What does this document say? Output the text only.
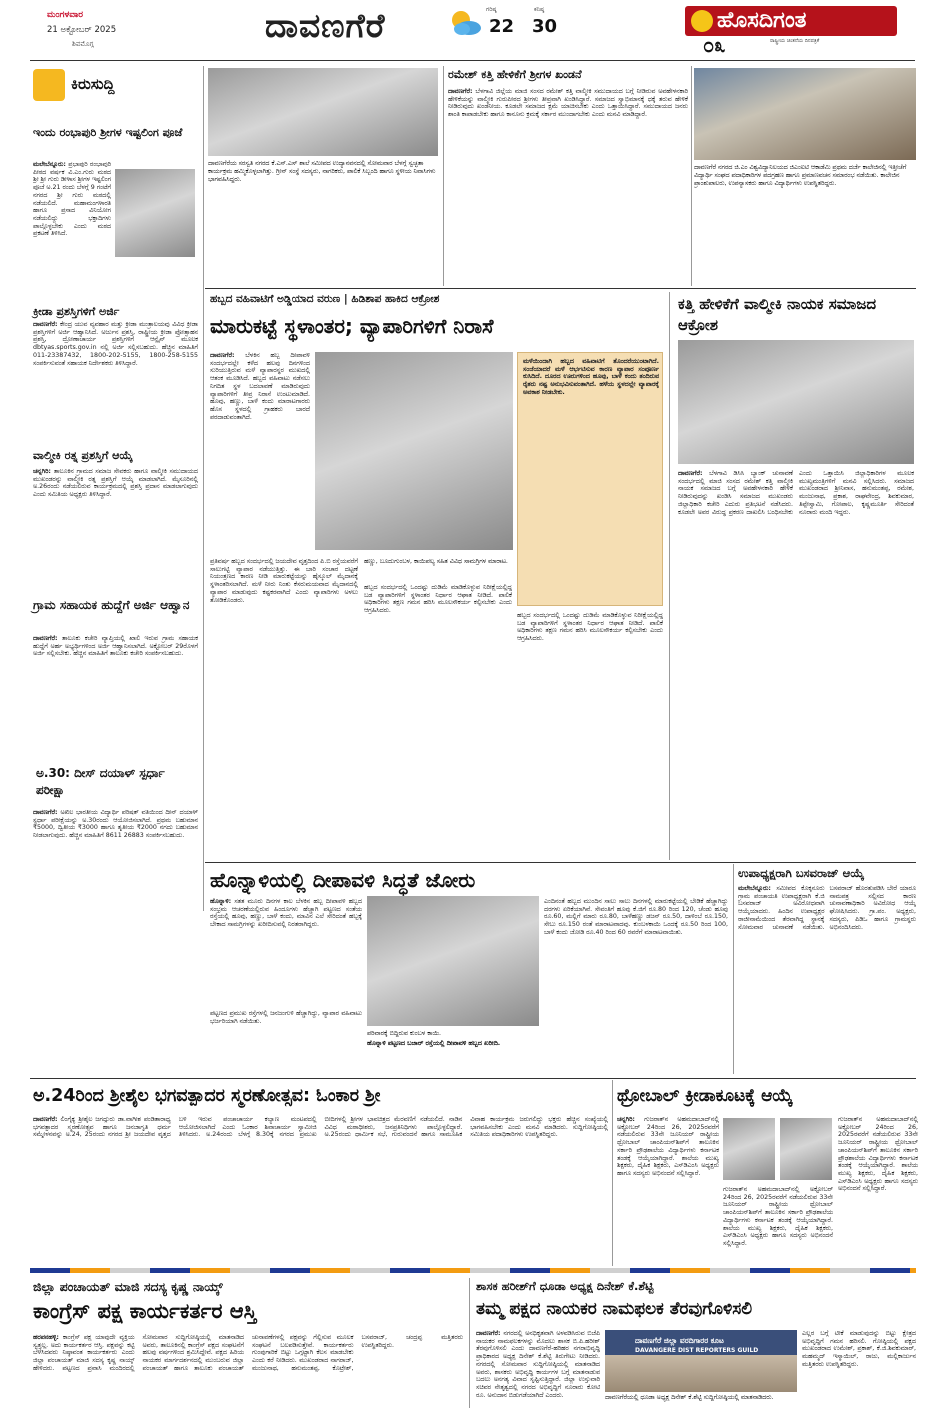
ಮಂಗಳವಾರ
21 ಅಕ್ಟೋಬರ್ 2025
ಶಿವಮೊಗ್ಗ	ದಾವಣಗೆರೆ	ಗರಿಷ್ಠ
22
ಕನಿಷ್ಠ
30	ಹೊಸದಿಗಂತ
ರಾಷ್ಟ್ರೀಯ ಚಿಂತನೆಯ ದಿನಪತ್ರಿಕೆ
೦೩
ಕಿರುಸುದ್ದಿ
ಇಂದು ರಂಭಾಪುರಿ ಶ್ರೀಗಳ ಇಷ್ಟಲಿಂಗ ಪೂಜೆ
ಮಲೇಬೆನ್ನೂರು: ಪ್ರಭಾಪುರಿ ರಂಭಾಪುರಿ ಪೀಠದ ವರ್ಷಕ ವಿ.ಎಂ.ಗುರು ಮಠದ ಶ್ರೀ ಶ್ರೀ ಗುರು ಡೀಳಾಸ ಶ್ರೀಗಳ ಇಷ್ಟಲಿಂಗ ಪೂಜೆ ಅ.21 ರಂದು ಬೆಳಗ್ಗೆ 9 ಗಂಟೆಗೆ ನಗರದ ಶ್ರೀ ಗುರು ಮಠದಲ್ಲಿ ನಡೆಯಲಿದೆ. ಮಹಾಮಂಗಳಾರತಿ ಹಾಗೂ ಪ್ರಸಾದ ವಿನಿಯೋಗ ನಡೆಯಲಿದ್ದು ಭಕ್ತಾದಿಗಳು ಪಾಲ್ಗೊಳ್ಳಬೇಕು ಎಂದು ಮಠದ ಪ್ರಕಟಣೆ ತಿಳಿಸಿದೆ.
ಕ್ರೀಡಾ ಪ್ರಶಸ್ತಿಗಳಿಗೆ ಅರ್ಜಿ
ದಾವಣಗೆರೆ: ಕೇಂದ್ರ ಯುವ ವ್ಯವಹಾರ ಮತ್ತು ಕ್ರೀಡಾ ಮಂತ್ರಾಲಯವು ವಿವಿಧ ಕ್ರೀಡಾ ಪ್ರಶಸ್ತಿಗಳಿಗೆ ಅರ್ಜಿ ಆಹ್ವಾನಿಸಿದೆ. ಅರ್ಜುನ ಪ್ರಶಸ್ತಿ, ರಾಷ್ಟ್ರೀಯ ಕ್ರೀಡಾ ಪ್ರೋತ್ಸಾಹನ ಪ್ರಶಸ್ತಿ, ದ್ರೋಣಾಚಾರ್ಯ ಪ್ರಶಸ್ತಿಗಳಿಗೆ ಆನ್ಲೈನ್ ಮೂಲಕ dbtyas.sports.gov.in ನಲ್ಲಿ ಅರ್ಜಿ ಸಲ್ಲಿಸಬಹುದು. ಹೆಚ್ಚಿನ ಮಾಹಿತಿಗೆ 011-23387432, 1800-202-5155, 1800-258-5155 ಸಂಪರ್ಕಿಸುವಂತೆ ಸಹಾಯಕ ನಿರ್ದೇಶಕರು ತಿಳಿಸಿದ್ದಾರೆ.
ವಾಲ್ಮೀಕಿ ರತ್ನ ಪ್ರಶಸ್ತಿಗೆ ಆಯ್ಕೆ
ಚನ್ನಗಿರಿ: ತಾಲೂಕಿನ ಗ್ರಾಮದ ಸಮಾಜ ಸೇವಕರು ಹಾಗೂ ವಾಲ್ಮೀಕಿ ಸಮುದಾಯದ ಮುಖಂಡರನ್ನು ವಾಲ್ಮೀಕಿ ರತ್ನ ಪ್ರಶಸ್ತಿಗೆ ಆಯ್ಕೆ ಮಾಡಲಾಗಿದೆ. ಮೈಸೂರಿನಲ್ಲಿ ಅ.26ರಂದು ನಡೆಯಲಿರುವ ಕಾರ್ಯಕ್ರಮದಲ್ಲಿ ಪ್ರಶಸ್ತಿ ಪ್ರದಾನ ಮಾಡಲಾಗುವುದು ಎಂದು ಸಮಿತಿಯ ಅಧ್ಯಕ್ಷರು ತಿಳಿಸಿದ್ದಾರೆ.
ಗ್ರಾಮ ಸಹಾಯಕ ಹುದ್ದೆಗೆ ಅರ್ಜಿ ಆಹ್ವಾನ
ದಾವಣಗೆರೆ: ತಾಲೂಕು ಕಚೇರಿ ವ್ಯಾಪ್ತಿಯಲ್ಲಿ ಖಾಲಿ ಇರುವ ಗ್ರಾಮ ಸಹಾಯಕ ಹುದ್ದೆಗೆ ಅರ್ಹ ಅಭ್ಯರ್ಥಿಗಳಿಂದ ಅರ್ಜಿ ಆಹ್ವಾನಿಸಲಾಗಿದೆ. ಅಕ್ಟೋಬರ್ 29ರೊಳಗೆ ಅರ್ಜಿ ಸಲ್ಲಿಸಬೇಕು. ಹೆಚ್ಚಿನ ಮಾಹಿತಿಗೆ ತಾಲೂಕು ಕಚೇರಿ ಸಂಪರ್ಕಿಸಬಹುದು.
ಅ.30: ದೀಸ್ ದಯಾಳ್ ಸ್ಪರ್ಧಾ ಪರೀಕ್ಷಾ
ದಾವಣಗೆರೆ: ಅಖಿಲ ಭಾರತೀಯ ವಿದ್ಯಾರ್ಥಿ ಪರಿಷತ್ ವತಿಯಿಂದ ದೀನ್ ದಯಾಳ್ ಸ್ಪರ್ಧಾ ಪರೀಕ್ಷೆಯನ್ನು ಅ.30ರಂದು ಆಯೋಜಿಸಲಾಗಿದೆ. ಪ್ರಥಮ ಬಹುಮಾನ ₹5000, ದ್ವಿತೀಯ ₹3000 ಹಾಗೂ ತೃತೀಯ ₹2000 ನಗದು ಬಹುಮಾನ ನೀಡಲಾಗುವುದು. ಹೆಚ್ಚಿನ ಮಾಹಿತಿಗೆ 8611 26883 ಸಂಪರ್ಕಿಸಬಹುದು.
ದಾವಣಗೆರೆಯ ಸರಸ್ವತಿ ನಗರದ ಕೆ.ಎಸ್.ಎಸ್ ಶಾಲೆ ಸಮೀಪದ ಉದ್ಯಾನವನದಲ್ಲಿ ಸೋಮವಾರ ಬೆಳಗ್ಗೆ ಸ್ವಚ್ಛತಾ ಕಾರ್ಯಕ್ರಮ ಹಮ್ಮಿಕೊಳ್ಳಲಾಗಿತ್ತು. ಗ್ರೀನ್ ಸಂಸ್ಥೆ ಸದಸ್ಯರು, ನಾಗರಿಕರು, ಪಾಲಿಕೆ ಸಿಬ್ಬಂದಿ ಹಾಗೂ ಸ್ಥಳೀಯ ನಿವಾಸಿಗಳು ಭಾಗವಹಿಸಿದ್ದರು.
ರಮೇಶ್ ಕತ್ತಿ ಹೇಳಿಕೆಗೆ ಶ್ರೀಗಳ ಖಂಡನೆ
ದಾವಣಗೆರೆ: ಬೆಳಗಾವಿ ಜಿಲ್ಲೆಯ ಮಾಜಿ ಸಂಸದ ರಮೇಶ್ ಕತ್ತಿ ವಾಲ್ಮೀಕಿ ಸಮುದಾಯದ ಬಗ್ಗೆ ನೀಡಿರುವ ಅವಹೇಳನಕಾರಿ ಹೇಳಿಕೆಯನ್ನು ವಾಲ್ಮೀಕಿ ಗುರುಪೀಠದ ಶ್ರೀಗಳು ತೀವ್ರವಾಗಿ ಖಂಡಿಸಿದ್ದಾರೆ. ಸಮಾಜದ ಸ್ವಾಭಿಮಾನಕ್ಕೆ ಧಕ್ಕೆ ತರುವ ಹೇಳಿಕೆ ನೀಡಿರುವುದು ಖಂಡನೀಯ. ಕೂಡಲೇ ಸಮಾಜದ ಕ್ಷಮೆ ಯಾಚಿಸಬೇಕು ಎಂದು ಒತ್ತಾಯಿಸಿದ್ದಾರೆ. ಸಮುದಾಯದ ಜನರು ಶಾಂತಿ ಕಾಪಾಡಬೇಕು ಹಾಗೂ ಕಾನೂನು ಕ್ರಮಕ್ಕೆ ಸರ್ಕಾರ ಮುಂದಾಗಬೇಕು ಎಂದು ಮನವಿ ಮಾಡಿದ್ದಾರೆ.
ದಾವಣಗೆರೆ ನಗರದ ಜಿ.ಎಂ ವಿಶ್ವವಿದ್ಯಾನಿಲಯದ ಜಿಎಂಐಟಿ ಆಕಾಡೆಮಿ ಪ್ರಥಮ ದರ್ಜೆ ಕಾಲೇಜಿನಲ್ಲಿ ಇತ್ತೀಚೆಗೆ ವಿದ್ಯಾರ್ಥಿ ಸಂಘದ ಪದಾಧಿಕಾರಿಗಳ ಪದಗ್ರಹಣ ಹಾಗೂ ಪ್ರಮಾಣವಚನ ಸಮಾರಂಭ ನಡೆಯಿತು. ಕಾಲೇಜಿನ ಪ್ರಾಂಶುಪಾಲರು, ಉಪನ್ಯಾಸಕರು ಹಾಗೂ ವಿದ್ಯಾರ್ಥಿಗಳು ಉಪಸ್ಥಿತರಿದ್ದರು.
ಹಬ್ಬದ ವಹಿವಾಟಿಗೆ ಅಡ್ಡಿಯಾದ ವರುಣ | ಹಿಡಿಶಾಪ ಹಾಕಿದ ಆಕ್ರೋಶ
ಮಾರುಕಟ್ಟೆ ಸ್ಥಳಾಂತರ; ವ್ಯಾಪಾರಿಗಳಿಗೆ ನಿರಾಸೆ
ದಾವಣಗೆರೆ: ಬೆಳಕಿನ ಹಬ್ಬ ದೀಪಾವಳಿ ಸಂದರ್ಭದಲ್ಲೇ ಕಳೆದ ಹಲವು ದಿನಗಳಿಂದ ಸುರಿಯುತ್ತಿರುವ ಮಳೆ ವ್ಯಾಪಾರಸ್ಥರ ಮುಖದಲ್ಲಿ ಆತಂಕ ಮೂಡಿಸಿದೆ. ಹಬ್ಬದ ವಹಿವಾಟು ನಡೆಸಲು ನಿಗದಿತ ಸ್ಥಳ ಬದಲಾವಣೆ ಮಾಡಿರುವುದು ವ್ಯಾಪಾರಿಗಳಿಗೆ ತೀವ್ರ ನಿರಾಸೆ ಉಂಟುಮಾಡಿದೆ. ಹೂವು, ಹಣ್ಣು, ಬಾಳೆ ಕಂದು ಮಾರಾಟಗಾರರು ಹೊಸ ಸ್ಥಳದಲ್ಲಿ ಗ್ರಾಹಕರು ಬಾರದೆ ಪರದಾಡುವಂತಾಗಿದೆ.
ಪ್ರತಿವರ್ಷ ಹಬ್ಬದ ಸಂದರ್ಭದಲ್ಲಿ ಜಯದೇವ ವೃತ್ತದಿಂದ ಪಿ.ಬಿ ರಸ್ತೆಯವರೆಗೆ ಸಾಲುಗಟ್ಟಿ ವ್ಯಾಪಾರ ನಡೆಯುತ್ತಿತ್ತು. ಈ ಬಾರಿ ಸಂಚಾರ ದಟ್ಟಣೆ ನಿಯಂತ್ರಣದ ಕಾರಣ ನೀಡಿ ಮಾರುಕಟ್ಟೆಯನ್ನು ಹೈಸ್ಕೂಲ್ ಮೈದಾನಕ್ಕೆ ಸ್ಥಳಾಂತರಿಸಲಾಗಿದೆ. ಮಳೆ ನೀರು ನಿಂತು ಕೆಸರುಮಯವಾದ ಮೈದಾನದಲ್ಲಿ ವ್ಯಾಪಾರ ಮಾಡುವುದು ಕಷ್ಟಕರವಾಗಿದೆ ಎಂದು ವ್ಯಾಪಾರಿಗಳು ಅಳಲು ತೋಡಿಕೊಂಡರು.
ಹಣ್ಣು, ಬೂದುಗುಂಬಳ, ಕಾಯಿಪಲ್ಯ ಸಹಿತ ವಿವಿಧ ಸಾಮಗ್ರಿಗಳ ಮಾರಾಟ.
ಹಬ್ಬದ ಸಂದರ್ಭದಲ್ಲಿ ಒಂದಷ್ಟು ದುಡಿಮೆ ಮಾಡಿಕೊಳ್ಳುವ ನಿರೀಕ್ಷೆಯಲ್ಲಿದ್ದ ಬಡ ವ್ಯಾಪಾರಿಗಳಿಗೆ ಸ್ಥಳಾಂತರ ನಿರ್ಧಾರ ಆಘಾತ ನೀಡಿದೆ. ಪಾಲಿಕೆ ಅಧಿಕಾರಿಗಳು ತಕ್ಷಣ ಗಮನ ಹರಿಸಿ ಮೂಲಸೌಕರ್ಯ ಕಲ್ಪಿಸಬೇಕು ಎಂದು ಆಗ್ರಹಿಸಿದರು.
ಮಳೆಯಿಂದಾಗಿ ಹಬ್ಬದ ವಹಿವಾಟಿಗೆ ತೊಂದರೆಯುಂಟಾಗಿದೆ. ಸಂಜೆಯಾದರೆ ಮಳೆ ಆರ್ಭಟಿಸುವ ಕಾರಣ ವ್ಯಾಪಾರ ಸಂಪೂರ್ಣ ಕುಸಿದಿದೆ. ದೂರದ ಊರುಗಳಿಂದ ಹೂವು, ಬಾಳೆ ಕಂದು ತಂದಿರುವ ರೈತರು ನಷ್ಟ ಅನುಭವಿಸುವಂತಾಗಿದೆ. ಹಳೆಯ ಸ್ಥಳದಲ್ಲೇ ವ್ಯಾಪಾರಕ್ಕೆ ಅವಕಾಶ ನೀಡಬೇಕು.
ಹಬ್ಬದ ಸಂದರ್ಭದಲ್ಲಿ ಒಂದಷ್ಟು ದುಡಿಮೆ ಮಾಡಿಕೊಳ್ಳುವ ನಿರೀಕ್ಷೆಯಲ್ಲಿದ್ದ ಬಡ ವ್ಯಾಪಾರಿಗಳಿಗೆ ಸ್ಥಳಾಂತರ ನಿರ್ಧಾರ ಆಘಾತ ನೀಡಿದೆ. ಪಾಲಿಕೆ ಅಧಿಕಾರಿಗಳು ತಕ್ಷಣ ಗಮನ ಹರಿಸಿ ಮೂಲಸೌಕರ್ಯ ಕಲ್ಪಿಸಬೇಕು ಎಂದು ಆಗ್ರಹಿಸಿದರು.
ಕತ್ತಿ ಹೇಳಿಕೆಗೆ ವಾಲ್ಮೀಕಿ ನಾಯಕ ಸಮಾಜದ ಆಕ್ರೋಶ
ದಾವಣಗೆರೆ: ಬೆಳಗಾವಿ ಡಿಸಿಸಿ ಬ್ಯಾಂಕ್ ಚುನಾವಣೆ ಸಂದರ್ಭದಲ್ಲಿ ಮಾಜಿ ಸಂಸದ ರಮೇಶ್ ಕತ್ತಿ ವಾಲ್ಮೀಕಿ ನಾಯಕ ಸಮಾಜದ ಬಗ್ಗೆ ಅವಹೇಳನಕಾರಿ ಹೇಳಿಕೆ ನೀಡಿರುವುದನ್ನು ಖಂಡಿಸಿ ಸಮಾಜದ ಮುಖಂಡರು ಜಿಲ್ಲಾಧಿಕಾರಿ ಕಚೇರಿ ಎದುರು ಪ್ರತಿಭಟನೆ ನಡೆಸಿದರು. ಕೂಡಲೇ ಅವರ ವಿರುದ್ಧ ಪ್ರಕರಣ ದಾಖಲಿಸಿ ಬಂಧಿಸಬೇಕು ಎಂದು ಒತ್ತಾಯಿಸಿ ಜಿಲ್ಲಾಧಿಕಾರಿಗಳ ಮೂಲಕ ಮುಖ್ಯಮಂತ್ರಿಗಳಿಗೆ ಮನವಿ ಸಲ್ಲಿಸಿದರು. ಸಮಾಜದ ಮುಖಂಡರಾದ ಶ್ರೀನಿವಾಸ, ಹನುಮಂತಪ್ಪ, ರಮೇಶ, ಮಂಜುನಾಥ, ಪ್ರಕಾಶ, ರಾಘವೇಂದ್ರ, ಶಿವಕುಮಾರ, ತಿಪ್ಪೇಸ್ವಾಮಿ, ಗೋಪಾಲ, ಕೃಷ್ಣಮೂರ್ತಿ ಸೇರಿದಂತೆ ನೂರಾರು ಮಂದಿ ಇದ್ದರು.
ಹೊನ್ನಾಳಿಯಲ್ಲಿ ದೀಪಾವಳಿ ಸಿದ್ಧತೆ ಜೋರು
ಹೊನ್ನಾಳಿ: ಸತತ ಮೂರು ದಿನಗಳ ಕಾಲ ಬೆಳಕಿನ ಹಬ್ಬ ದೀಪಾವಳಿ ಹಬ್ಬದ ಸಂಭ್ರಮ ಆಚರಣೆಯಲ್ಲಿರುವ ಹಿಂದೂಗಳು ಹೆಚ್ಚಾಗಿ ಪಟ್ಟಣದ ಸಂತೆಯ ರಸ್ತೆಯಲ್ಲಿ ಹೂವು, ಹಣ್ಣು, ಬಾಳೆ ಕಂದು, ಮಾವಿನ ಎಲೆ ಸೇರಿದಂತೆ ಹಬ್ಬಕ್ಕೆ ಬೇಕಾದ ಸಾಮಗ್ರಿಗಳನ್ನು ಖರೀದಿಸುವಲ್ಲಿ ನಿರತರಾಗಿದ್ದರು.
ಪಟ್ಟಣದ ಪ್ರಮುಖ ರಸ್ತೆಗಳಲ್ಲಿ ಜನಜಂಗುಳಿ ಹೆಚ್ಚಾಗಿದ್ದು, ವ್ಯಾಪಾರ ವಹಿವಾಟು ಭರ್ಜರಿಯಾಗಿ ನಡೆಯಿತು.
ಪರಿವಾರಕ್ಕೆ ಬಿದ್ದಿರುವ ಕುಂಬಳ ಕಾಯಿ.
ಹೊನ್ನಾಳಿ ಪಟ್ಟಣದ ಬಜಾರ್ ರಸ್ತೆಯಲ್ಲಿ ದೀಪಾವಳಿ ಹಬ್ಬದ ಖರೀದಿ.
ಎಂದಿನಂತೆ ಹಬ್ಬದ ಮುಂದಿನ ಸಾಲು ಸಾಲು ದಿನಗಳಲ್ಲಿ ಮಾರುಕಟ್ಟೆಯಲ್ಲಿ ಬೇಡಿಕೆ ಹೆಚ್ಚಾಗಿದ್ದು ದರಗಳು ಏರಿಕೆಯಾಗಿವೆ. ಸೇವಂತಿಗೆ ಹೂವು ಕೆ.ಜಿಗೆ ರೂ.80 ರಿಂದ 120, ಚೆಂಡು ಹೂವು ರೂ.60, ಮಲ್ಲಿಗೆ ಮಾರು ರೂ.80, ಬಾಳೆಹಣ್ಣು ಡಜನ್ ರೂ.50, ದಾಳಿಂಬೆ ರೂ.150, ಸೇಬು ರೂ.150 ರಂತೆ ಮಾರಾಟವಾದವು. ಕುಂಬಳಕಾಯಿ ಒಂದಕ್ಕೆ ರೂ.50 ರಿಂದ 100, ಬಾಳೆ ಕಂದು ಜೋಡಿ ರೂ.40 ರಿಂದ 60 ರವರೆಗೆ ಮಾರಾಟವಾಯಿತು.
ಉಪಾಧ್ಯಕ್ಷರಾಗಿ ಬಸವರಾಜ್ ಆಯ್ಕೆ
ಮಲೇಬೆನ್ನೂರು: ಸಮೀಪದ ಕೊಕ್ಕನೂರು ಗ್ರಾಮ ಪಂಚಾಯತಿ ಉಪಾಧ್ಯಕ್ಷರಾಗಿ ಕೆ.ಜಿ ಬಸವರಾಜ್ ಅವಿರೋಧವಾಗಿ ಆಯ್ಕೆಯಾದರು. ಹಿಂದಿನ ಉಪಾಧ್ಯಕ್ಷರ ರಾಜೀನಾಮೆಯಿಂದ ತೆರವಾಗಿದ್ದ ಸ್ಥಾನಕ್ಕೆ ಸೋಮವಾರ ಚುನಾವಣೆ ನಡೆಯಿತು. ಬಸವರಾಜ್ ಹೊರತುಪಡಿಸಿ ಬೇರೆ ಯಾರೂ ನಾಮಪತ್ರ ಸಲ್ಲಿಸದ ಕಾರಣ ಚುನಾವಣಾಧಿಕಾರಿ ಅವಿರೋಧ ಆಯ್ಕೆ ಘೋಷಿಸಿದರು. ಗ್ರಾ.ಪಂ. ಅಧ್ಯಕ್ಷರು, ಸದಸ್ಯರು, ಪಿಡಿಒ ಹಾಗೂ ಗ್ರಾಮಸ್ಥರು ಅಭಿನಂದಿಸಿದರು.
ಅ.24ರಿಂದ ಶ್ರೀಶೈಲ ಭಗವತ್ಪಾದರ ಸ್ಮರಣೋತ್ಸವ: ಓಂಕಾರ ಶ್ರೀ
ದಾವಣಗೆರೆ: ಲಿಂಗೈಕ್ಯ ಶ್ರೀಶೈಲ ಜಗದ್ಗುರು ಡಾ.ವಾಗೀಶ ಪಂಡಿತಾರಾಧ್ಯ ಭಗವತ್ಪಾದರ ಸ್ಮರಣೋತ್ಸವ ಹಾಗೂ ಜನಜಾಗೃತಿ ಧರ್ಮ ಸಮ್ಮೇಳನವನ್ನು ಅ.24, 25ರಂದು ನಗರದ ಶ್ರೀ ಜಯದೇವ ವೃತ್ತದ ಬಳಿ ಇರುವ ಪಂಚಾಚಾರ್ಯ ಕಲ್ಯಾಣ ಮಂಟಪದಲ್ಲಿ ಆಯೋಜಿಸಲಾಗಿದೆ ಎಂದು ಓಂಕಾರ ಶಿವಾಚಾರ್ಯ ಸ್ವಾಮೀಜಿ ತಿಳಿಸಿದರು. ಅ.24ರಂದು ಬೆಳಗ್ಗೆ 8.30ಕ್ಕೆ ನಗರದ ಪ್ರಮುಖ ಬೀದಿಗಳಲ್ಲಿ ಶ್ರೀಗಳ ಭಾವಚಿತ್ರದ ಮೆರವಣಿಗೆ ನಡೆಯಲಿದೆ. ನಾಡಿನ ವಿವಿಧ ಮಠಾಧೀಶರು, ಜನಪ್ರತಿನಿಧಿಗಳು ಪಾಲ್ಗೊಳ್ಳಲಿದ್ದಾರೆ. ಅ.25ರಂದು ಧಾರ್ಮಿಕ ಸಭೆ, ಗುರುವಂದನೆ ಹಾಗೂ ಸಾಮೂಹಿಕ ವಿವಾಹ ಕಾರ್ಯಕ್ರಮ ಜರುಗಲಿದ್ದು ಭಕ್ತರು ಹೆಚ್ಚಿನ ಸಂಖ್ಯೆಯಲ್ಲಿ ಭಾಗವಹಿಸಬೇಕು ಎಂದು ಮನವಿ ಮಾಡಿದರು. ಸುದ್ದಿಗೋಷ್ಠಿಯಲ್ಲಿ ಸಮಿತಿಯ ಪದಾಧಿಕಾರಿಗಳು ಉಪಸ್ಥಿತರಿದ್ದರು.
ಥ್ರೋಬಾಲ್ ಕ್ರೀಡಾಕೂಟಕ್ಕೆ ಆಯ್ಕೆ
ಚನ್ನಗಿರಿ: ಗುಜರಾತ್‌ನ ಅಹಮದಾಬಾದ್‌ನಲ್ಲಿ ಅಕ್ಟೋಬರ್ 24ರಿಂದ 26, 2025ರವರೆಗೆ ನಡೆಯಲಿರುವ 33ನೇ ಜೂನಿಯರ್ ರಾಷ್ಟ್ರೀಯ ಥ್ರೋಬಾಲ್ ಚಾಂಪಿಯನ್‌ಶಿಪ್‌ಗೆ ತಾಲೂಕಿನ ಸರ್ಕಾರಿ ಪ್ರೌಢಶಾಲೆಯ ವಿದ್ಯಾರ್ಥಿಗಳು ಕರ್ನಾಟಕ ತಂಡಕ್ಕೆ ಆಯ್ಕೆಯಾಗಿದ್ದಾರೆ. ಶಾಲೆಯ ಮುಖ್ಯ ಶಿಕ್ಷಕರು, ದೈಹಿಕ ಶಿಕ್ಷಕರು, ಎಸ್‌ಡಿಎಂಸಿ ಅಧ್ಯಕ್ಷರು ಹಾಗೂ ಸದಸ್ಯರು ಅಭಿನಂದನೆ ಸಲ್ಲಿಸಿದ್ದಾರೆ.
ಗುಜರಾತ್‌ನ ಅಹಮದಾಬಾದ್‌ನಲ್ಲಿ ಅಕ್ಟೋಬರ್ 24ರಿಂದ 26, 2025ರವರೆಗೆ ನಡೆಯಲಿರುವ 33ನೇ ಜೂನಿಯರ್ ರಾಷ್ಟ್ರೀಯ ಥ್ರೋಬಾಲ್ ಚಾಂಪಿಯನ್‌ಶಿಪ್‌ಗೆ ತಾಲೂಕಿನ ಸರ್ಕಾರಿ ಪ್ರೌಢಶಾಲೆಯ ವಿದ್ಯಾರ್ಥಿಗಳು ಕರ್ನಾಟಕ ತಂಡಕ್ಕೆ ಆಯ್ಕೆಯಾಗಿದ್ದಾರೆ. ಶಾಲೆಯ ಮುಖ್ಯ ಶಿಕ್ಷಕರು, ದೈಹಿಕ ಶಿಕ್ಷಕರು, ಎಸ್‌ಡಿಎಂಸಿ ಅಧ್ಯಕ್ಷರು ಹಾಗೂ ಸದಸ್ಯರು ಅಭಿನಂದನೆ ಸಲ್ಲಿಸಿದ್ದಾರೆ.
ಗುಜರಾತ್‌ನ ಅಹಮದಾಬಾದ್‌ನಲ್ಲಿ ಅಕ್ಟೋಬರ್ 24ರಿಂದ 26, 2025ರವರೆಗೆ ನಡೆಯಲಿರುವ 33ನೇ ಜೂನಿಯರ್ ರಾಷ್ಟ್ರೀಯ ಥ್ರೋಬಾಲ್ ಚಾಂಪಿಯನ್‌ಶಿಪ್‌ಗೆ ತಾಲೂಕಿನ ಸರ್ಕಾರಿ ಪ್ರೌಢಶಾಲೆಯ ವಿದ್ಯಾರ್ಥಿಗಳು ಕರ್ನಾಟಕ ತಂಡಕ್ಕೆ ಆಯ್ಕೆಯಾಗಿದ್ದಾರೆ. ಶಾಲೆಯ ಮುಖ್ಯ ಶಿಕ್ಷಕರು, ದೈಹಿಕ ಶಿಕ್ಷಕರು, ಎಸ್‌ಡಿಎಂಸಿ ಅಧ್ಯಕ್ಷರು ಹಾಗೂ ಸದಸ್ಯರು ಅಭಿನಂದನೆ ಸಲ್ಲಿಸಿದ್ದಾರೆ.
ಜಿಲ್ಲಾ ಪಂಚಾಯತ್ ಮಾಜಿ ಸದಸ್ಯ ಕೃಷ್ಣ ನಾಯ್ಕ್
ಕಾಂಗ್ರೆಸ್ ಪಕ್ಷ ಕಾರ್ಯಕರ್ತರ ಆಸ್ತಿ
ಹರಪನಹಳ್ಳಿ: ಕಾಂಗ್ರೆಸ್ ಪಕ್ಷ ಯಾವುದೇ ವ್ಯಕ್ತಿಯ ಸ್ವತ್ತಲ್ಲ. ಅದು ಕಾರ್ಯಕರ್ತರ ಆಸ್ತಿ. ಪಕ್ಷವನ್ನು ಕಟ್ಟಿ ಬೆಳೆಸಿದವರು ನಿಷ್ಠಾವಂತ ಕಾರ್ಯಕರ್ತರು ಎಂದು ಜಿಲ್ಲಾ ಪಂಚಾಯತ್ ಮಾಜಿ ಸದಸ್ಯ ಕೃಷ್ಣ ನಾಯ್ಕ್ ಹೇಳಿದರು. ಪಟ್ಟಣದ ಪ್ರವಾಸಿ ಮಂದಿರದಲ್ಲಿ ಸೋಮವಾರ ಸುದ್ದಿಗೋಷ್ಠಿಯಲ್ಲಿ ಮಾತನಾಡಿದ ಅವರು, ತಾಲೂಕಿನಲ್ಲಿ ಕಾಂಗ್ರೆಸ್ ಪಕ್ಷದ ಸಂಘಟನೆಗೆ ಹಲವು ವರ್ಷಗಳಿಂದ ಶ್ರಮಿಸಿದ್ದೇವೆ. ಪಕ್ಷದ ಹಿರಿಯ ನಾಯಕರ ಮಾರ್ಗದರ್ಶನದಲ್ಲಿ ಮುಂಬರುವ ಜಿಲ್ಲಾ ಪಂಚಾಯತ್ ಹಾಗೂ ತಾಲೂಕು ಪಂಚಾಯತ್ ಚುನಾವಣೆಗಳಲ್ಲಿ ಪಕ್ಷವನ್ನು ಗೆಲ್ಲಿಸುವ ಮೂಲಕ ಸಂಘಟನೆ ಬಲಪಡಿಸುತ್ತೇವೆ. ಕಾರ್ಯಕರ್ತರು ಗುಂಪುಗಾರಿಕೆ ಬಿಟ್ಟು ಒಗ್ಗಟ್ಟಾಗಿ ಕೆಲಸ ಮಾಡಬೇಕು ಎಂದು ಕರೆ ನೀಡಿದರು. ಮುಖಂಡರಾದ ನಾಗರಾಜ್, ಮಂಜುನಾಥ, ಹನುಮಂತಪ್ಪ, ಕೊಟ್ರೇಶ್, ಬಸವರಾಜ್, ಚಂದ್ರಪ್ಪ ಮತ್ತಿತರರು ಉಪಸ್ಥಿತರಿದ್ದರು.
ಶಾಸಕ ಹರೀಶ್‌ಗೆ ಧೂಡಾ ಅಧ್ಯಕ್ಷ ದಿನೇಶ್ ಕೆ.ಶೆಟ್ಟಿ
ತಮ್ಮ ಪಕ್ಷದ ನಾಯಕರ ನಾಮಫಲಕ ತೆರವುಗೊಳಿಸಲಿ
ದಾವಣಗೆರೆ: ನಗರದಲ್ಲಿ ಅನಧಿಕೃತವಾಗಿ ಅಳವಡಿಸಿರುವ ಬಿಜೆಪಿ ನಾಯಕರ ನಾಮಫಲಕಗಳನ್ನು ಮೊದಲು ಶಾಸಕ ಬಿ.ಪಿ.ಹರೀಶ್ ತೆರವುಗೊಳಿಸಲಿ ಎಂದು ದಾವಣಗೆರೆ-ಹರಿಹರ ನಗರಾಭಿವೃದ್ಧಿ ಪ್ರಾಧಿಕಾರದ ಅಧ್ಯಕ್ಷ ದಿನೇಶ್ ಕೆ.ಶೆಟ್ಟಿ ತಿರುಗೇಟು ನೀಡಿದರು. ನಗರದಲ್ಲಿ ಸೋಮವಾರ ಸುದ್ದಿಗೋಷ್ಠಿಯಲ್ಲಿ ಮಾತನಾಡಿದ ಅವರು, ಶಾಸಕರು ಅಭಿವೃದ್ಧಿ ಕಾರ್ಯಗಳ ಬಗ್ಗೆ ಮಾತನಾಡುವ ಬದಲು ಅನಗತ್ಯ ವಿವಾದ ಸೃಷ್ಟಿಸುತ್ತಿದ್ದಾರೆ. ಜಿಲ್ಲಾ ಉಸ್ತುವಾರಿ ಸಚಿವರ ನೇತೃತ್ವದಲ್ಲಿ ನಗರದ ಅಭಿವೃದ್ಧಿಗೆ ನೂರಾರು ಕೋಟಿ ರೂ. ಅನುದಾನ ಬಿಡುಗಡೆಯಾಗಿದೆ ಎಂದರು.
ದಾವಣಗೆರೆ ಜಿಲ್ಲಾ ವರದಿಗಾರರ ಕೂಟ
DAVANGERE DIST REPORTERS GUILD
ದಾವಣಗೆರೆಯಲ್ಲಿ ಧೂಡಾ ಅಧ್ಯಕ್ಷ ದಿನೇಶ್ ಕೆ.ಶೆಟ್ಟಿ ಸುದ್ದಿಗೋಷ್ಠಿಯಲ್ಲಿ ಮಾತನಾಡಿದರು.
ಎಲ್ಲರ ಬಗ್ಗೆ ಟೀಕೆ ಮಾಡುವುದನ್ನು ಬಿಟ್ಟು ಕ್ಷೇತ್ರದ ಅಭಿವೃದ್ಧಿಗೆ ಗಮನ ಹರಿಸಲಿ. ಗೋಷ್ಠಿಯಲ್ಲಿ ಪಕ್ಷದ ಮುಖಂಡರಾದ ಉಮೇಶ್, ಪ್ರಕಾಶ್, ಕೆ.ಜಿ.ಶಿವಕುಮಾರ್, ಮಹಮ್ಮದ್ ಇಸ್ಮಾಯಿಲ್, ರಾಜು, ಮಲ್ಲಿಕಾರ್ಜುನ ಮತ್ತಿತರರು ಉಪಸ್ಥಿತರಿದ್ದರು.
